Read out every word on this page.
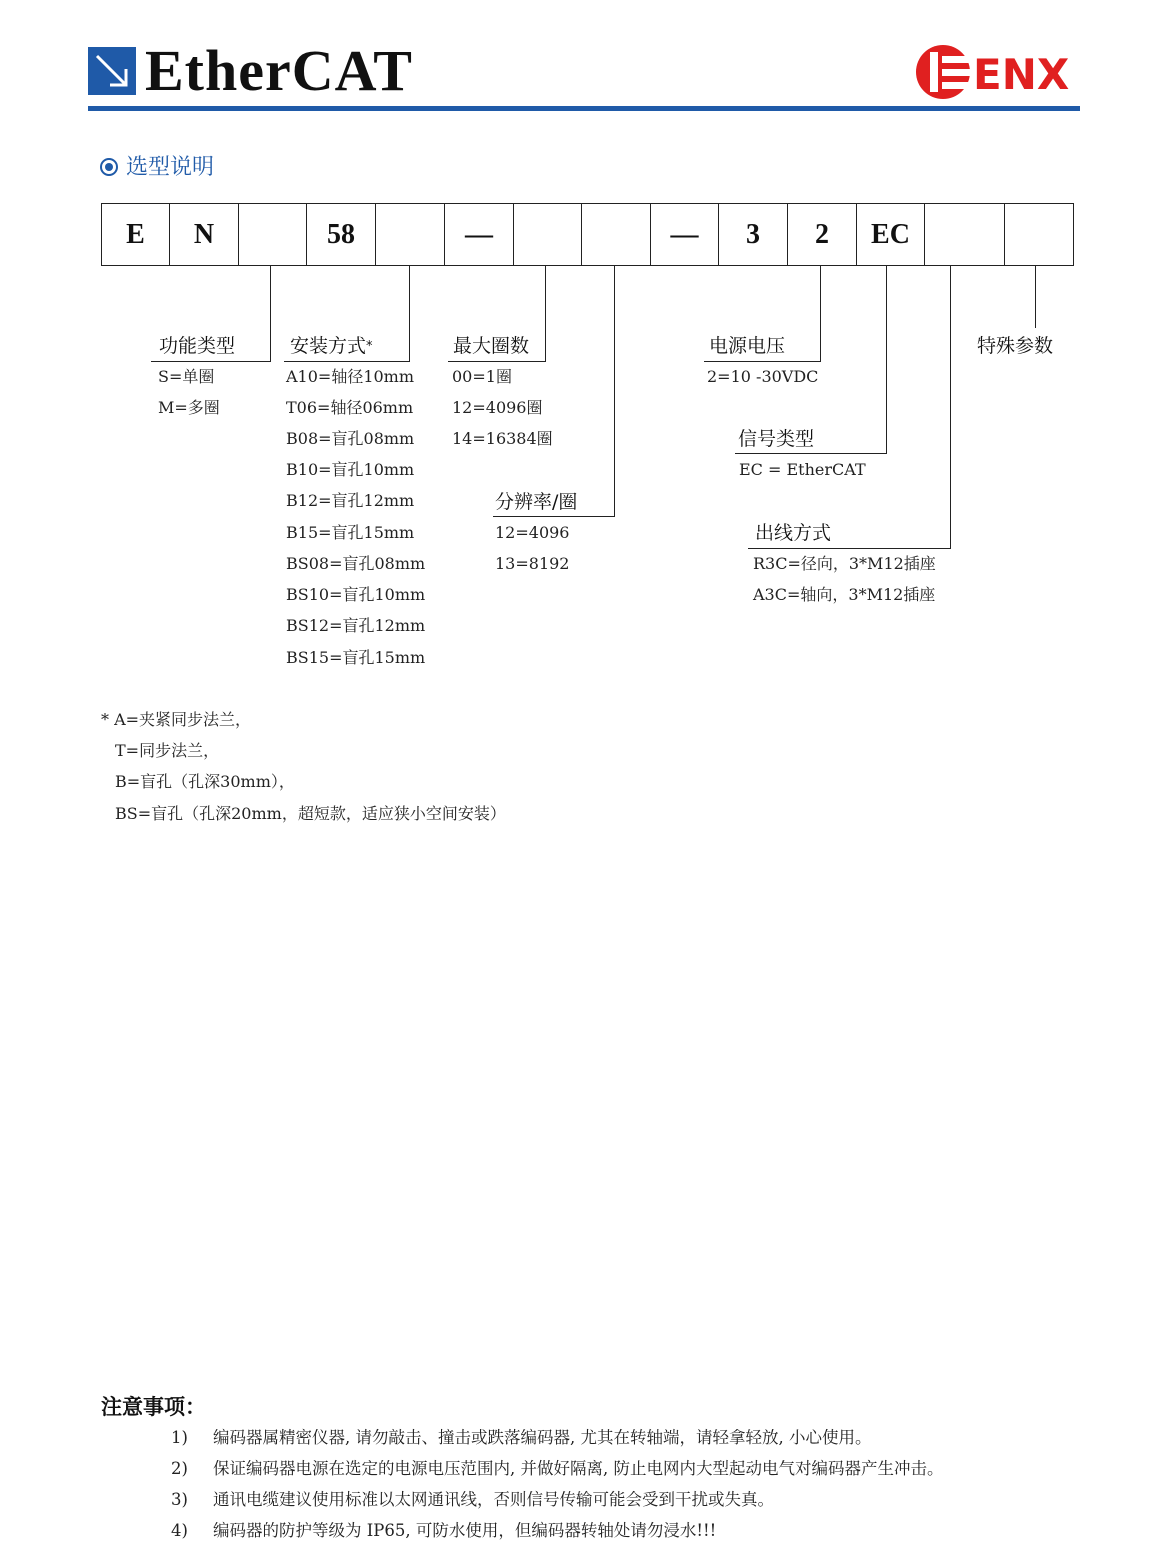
EtherCAT	ENX
选型说明
E	N	58	—	—	3	2	EC
功能类型	安装方式*	最大圈数
分辨率/圈
电源电压
信号类型
出线方式
特殊参数
S=单圈
M=多圈
A10=轴径10mm
T06=轴径06mm
B08=盲孔08mm
B10=盲孔10mm
B12=盲孔12mm
B15=盲孔15mm
BS08=盲孔08mm
BS10=盲孔10mm
BS12=盲孔12mm
BS15=盲孔15mm
00=1圈
12=4096圈
14=16384圈
12=4096
13=8192
2=10 -30VDC
EC = EtherCAT
R3C=径向，3*M12插座
A3C=轴向，3*M12插座
* A=夹紧同步法兰，
T=同步法兰，
B=盲孔（孔深30mm），
BS=盲孔（孔深20mm，超短款，适应狭小空间安装）
注意事项：
1) 编码器属精密仪器, 请勿敲击、撞击或跌落编码器, 尤其在转轴端，请轻拿轻放, 小心使用。
2) 保证编码器电源在选定的电源电压范围内, 并做好隔离, 防止电网内大型起动电气对编码器产生冲击。
3) 通讯电缆建议使用标准以太网通讯线，否则信号传输可能会受到干扰或失真。
4) 编码器的防护等级为 IP65, 可防水使用，但编码器转轴处请勿浸水!!!
